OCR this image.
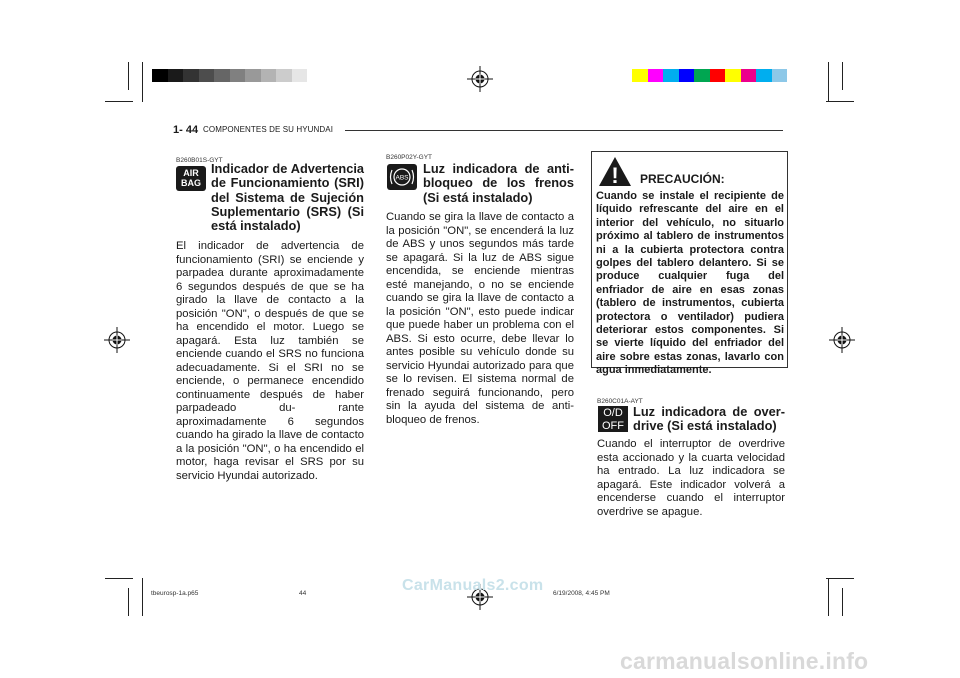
1- 44 COMPONENTES DE SU HYUNDAI
B260B01S-GYT
AIR
BAG
Indicador de Advertencia de Funcionamiento (SRI) del Sistema de Sujeción Suplementario (SRS) (Si está instalado)
El indicador de advertencia de funcionamiento (SRI) se enciende y parpadea durante aproximadamente 6 segundos después de que se ha girado la llave de contacto a la posición "ON", o después de que se ha encendido el motor. Luego se apagará. Esta luz también se enciende cuando el SRS no funciona adecuadamente. Si el SRI no se enciende, o permanece encendido continuamente después de haber parpadeado du- rante aproximadamente 6 segundos cuando ha girado la llave de contacto a la posición "ON", o ha encendido el motor, haga revisar el SRS por su servicio Hyundai autorizado.
B260P02Y-GYT
ABS
Luz indicadora de anti- bloqueo de los frenos (Si está instalado)
Cuando se gira la llave de contacto a la posición "ON", se encenderá la luz de ABS y unos segundos más tarde se apagará. Si la luz de ABS sigue encendida, se enciende mientras esté manejando, o no se enciende cuando se gira la llave de contacto a la posición "ON", esto puede indicar que puede haber un problema con el ABS. Si esto ocurre, debe llevar lo antes posible su vehículo donde su servicio Hyundai autorizado para que se lo revisen. El sistema normal de frenado seguirá funcionando, pero sin la ayuda del sistema de anti-bloqueo de frenos.
! PRECAUCIÓN:
Cuando se instale el recipiente de líquido refrescante del aire en el interior del vehículo, no situarlo próximo al tablero de instrumentos ni a la cubierta protectora contra golpes del tablero delantero. Si se produce cualquier fuga del enfriador de aire en esas zonas (tablero de instrumentos, cubierta protectora o ventilador) pudiera deteriorar estos componentes. Si se vierte líquido del enfriador del aire sobre estas zonas, lavarlo con agua inmediatamente.
B260C01A-AYT
O/D
OFF
Luz indicadora de over- drive (Si está instalado)
Cuando el interruptor de overdrive esta accionado y la cuarta velocidad ha entrado. La luz indicadora se apagará. Este indicador volverá a encenderse cuando el interruptor overdrive se apague.
tbeurosp-1a.p65	44	6/19/2008, 4:45 PM
CarManuals2.com
carmanualsonline.info
